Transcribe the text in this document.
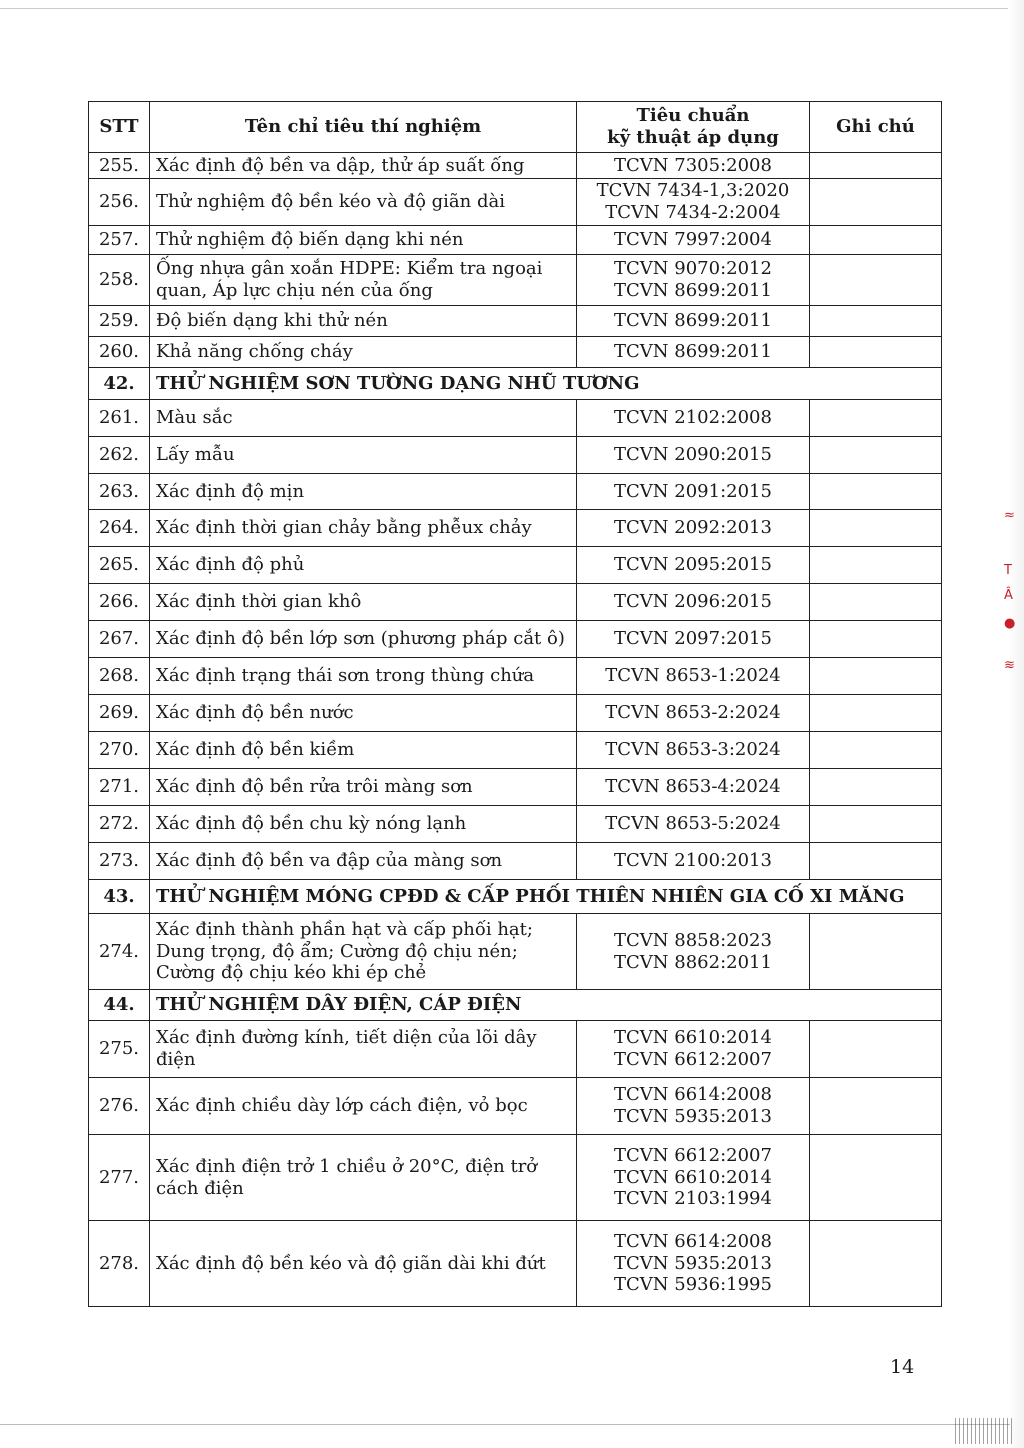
STT	Tên chỉ tiêu thí nghiệm	Tiêu chuẩn
kỹ thuật áp dụng	Ghi chú
255.	Xác định độ bền va dập, thử áp suất ống	TCVN 7305:2008	

256.	Thử nghiệm độ bền kéo và độ giãn dài	TCVN 7434-1,3:2020
TCVN 7434-2:2004	

257.	Thử nghiệm độ biến dạng khi nén	TCVN 7997:2004	

258.	Ống nhựa gân xoắn HDPE: Kiểm tra ngoại quan, Áp lực chịu nén của ống	TCVN 9070:2012
TCVN 8699:2011	

259.	Độ biến dạng khi thử nén	TCVN 8699:2011	

260.	Khả năng chống cháy	TCVN 8699:2011	

42.	THỬ NGHIỆM SƠN TƯỜNG DẠNG NHŨ TƯƠNG		
261.	Màu sắc	TCVN 2102:2008	

262.	Lấy mẫu	TCVN 2090:2015	

263.	Xác định độ mịn	TCVN 2091:2015	

264.	Xác định thời gian chảy bằng phễux chảy	TCVN 2092:2013	

265.	Xác định độ phủ	TCVN 2095:2015	

266.	Xác định thời gian khô	TCVN 2096:2015	

267.	Xác định độ bền lớp sơn (phương pháp cắt ô)	TCVN 2097:2015	

268.	Xác định trạng thái sơn trong thùng chứa	TCVN 8653-1:2024	

269.	Xác định độ bền nước	TCVN 8653-2:2024	

270.	Xác định độ bền kiềm	TCVN 8653-3:2024	

271.	Xác định độ bền rửa trôi màng sơn	TCVN 8653-4:2024	

272.	Xác định độ bền chu kỳ nóng lạnh	TCVN 8653-5:2024	

273.	Xác định độ bền va đập của màng sơn	TCVN 2100:2013	

43.	THỬ NGHIỆM MÓNG CPĐD & CẤP PHỐI THIÊN NHIÊN GIA CỐ XI MĂNG		
274.	Xác định thành phần hạt và cấp phối hạt; Dung trọng, độ ẩm; Cường độ chịu nén; Cường độ chịu kéo khi ép chẻ	TCVN 8858:2023
TCVN 8862:2011	

44.	THỬ NGHIỆM DÂY ĐIỆN, CÁP ĐIỆN		
275.	Xác định đường kính, tiết diện của lõi dây điện	TCVN 6610:2014
TCVN 6612:2007	

276.	Xác định chiều dày lớp cách điện, vỏ bọc	TCVN 6614:2008
TCVN 5935:2013	

277.	Xác định điện trở 1 chiều ở 20°C, điện trở cách điện	TCVN 6612:2007
TCVN 6610:2014
TCVN 2103:1994	

278.	Xác định độ bền kéo và độ giãn dài khi đứt	TCVN 6614:2008
TCVN 5935:2013
TCVN 5936:1995	

≈
T
Â
●
≋
14
